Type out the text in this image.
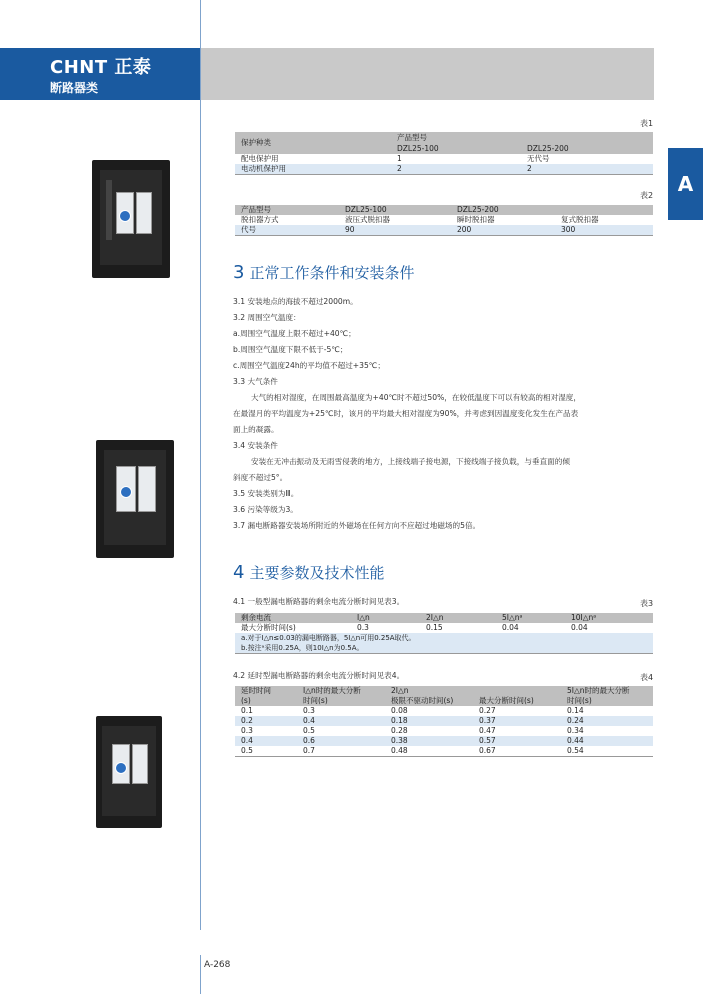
CHNT 正泰
断路器类
A-268
A
表1
保护种类	产品型号	
	DZL25-100	DZL25-200
配电保护用	1	无代号
电动机保护用	2	2
表2
产品型号	DZL25-100	DZL25-200	
脱扣器方式	液压式脱扣器	瞬时脱扣器	复式脱扣器
代号	90	200	300
3 正常工作条件和安装条件
3.1 安装地点的海拔不超过2000m。
3.2 周围空气温度：
a.周围空气温度上限不超过+40℃；
b.周围空气温度下限不低于-5℃；
c.周围空气温度24h的平均值不超过+35℃；
3.3 大气条件
大气的相对湿度，在周围最高温度为+40℃时不超过50%，在较低温度下可以有较高的相对湿度，
在最湿月的平均温度为+25℃时，该月的平均最大相对湿度为90%，并考虑到因温度变化发生在产品表
面上的凝露。
3.4 安装条件
安装在无冲击振动及无雨雪侵袭的地方，上接线端子接电源，下接线端子接负载，与垂直面的倾
斜度不超过5°。
3.5 安装类别为Ⅲ。
3.6 污染等级为3。
3.7 漏电断路器安装场所附近的外磁场在任何方向不应超过地磁场的5倍。
4 主要参数及技术性能
4.1 一般型漏电断路器的剩余电流分断时间见表3。	表3
剩余电流	I△n	2I△n	5I△nᵃ	10I△nᵃ
最大分断时间(s)	0.3	0.15	0.04	0.04
a.对于I△n≤0.03的漏电断路器，5I△n可用0.25A取代。				
b.按注ᵃ采用0.25A，则10I△n为0.5A。				
4.2 延时型漏电断路器的剩余电流分断时间见表4。	表4
延时时间	I△n时的最大分断	2I△n		5I△n时的最大分断
(s)	时间(s)	极限不驱动时间(s)	最大分断时间(s)	时间(s)
0.1	0.3	0.08	0.27	0.14
0.2	0.4	0.18	0.37	0.24
0.3	0.5	0.28	0.47	0.34
0.4	0.6	0.38	0.57	0.44
0.5	0.7	0.48	0.67	0.54
